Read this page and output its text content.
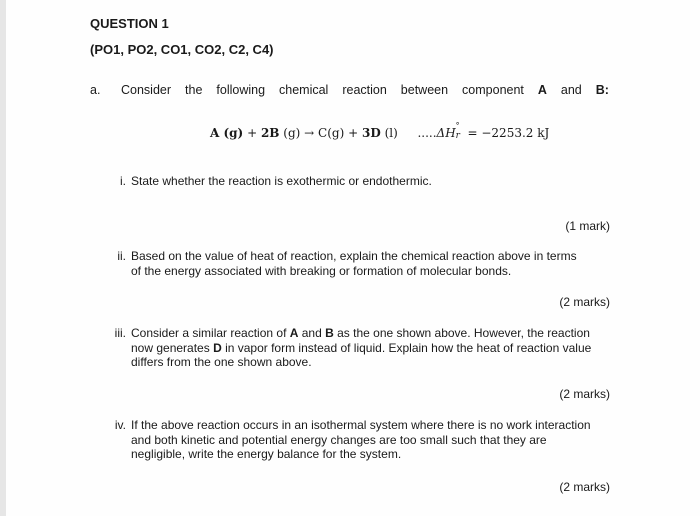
QUESTION 1
(PO1, PO2, CO1, CO2, C2, C4)
a. Consider the following chemical reaction between component A and B:
A (g) + 2B (g) → C(g) + 3D (l) .....ΔH
°
r = −2253.2 kJ
i. State whether the reaction is exothermic or endothermic.
(1 mark)
ii. Based on the value of heat of reaction, explain the chemical reaction above in terms
of the energy associated with breaking or formation of molecular bonds.
(2 marks)
iii. Consider a similar reaction of A and B as the one shown above. However, the reaction
now generates D in vapor form instead of liquid. Explain how the heat of reaction value
differs from the one shown above.
(2 marks)
iv. If the above reaction occurs in an isothermal system where there is no work interaction
and both kinetic and potential energy changes are too small such that they are
negligible, write the energy balance for the system.
(2 marks)
